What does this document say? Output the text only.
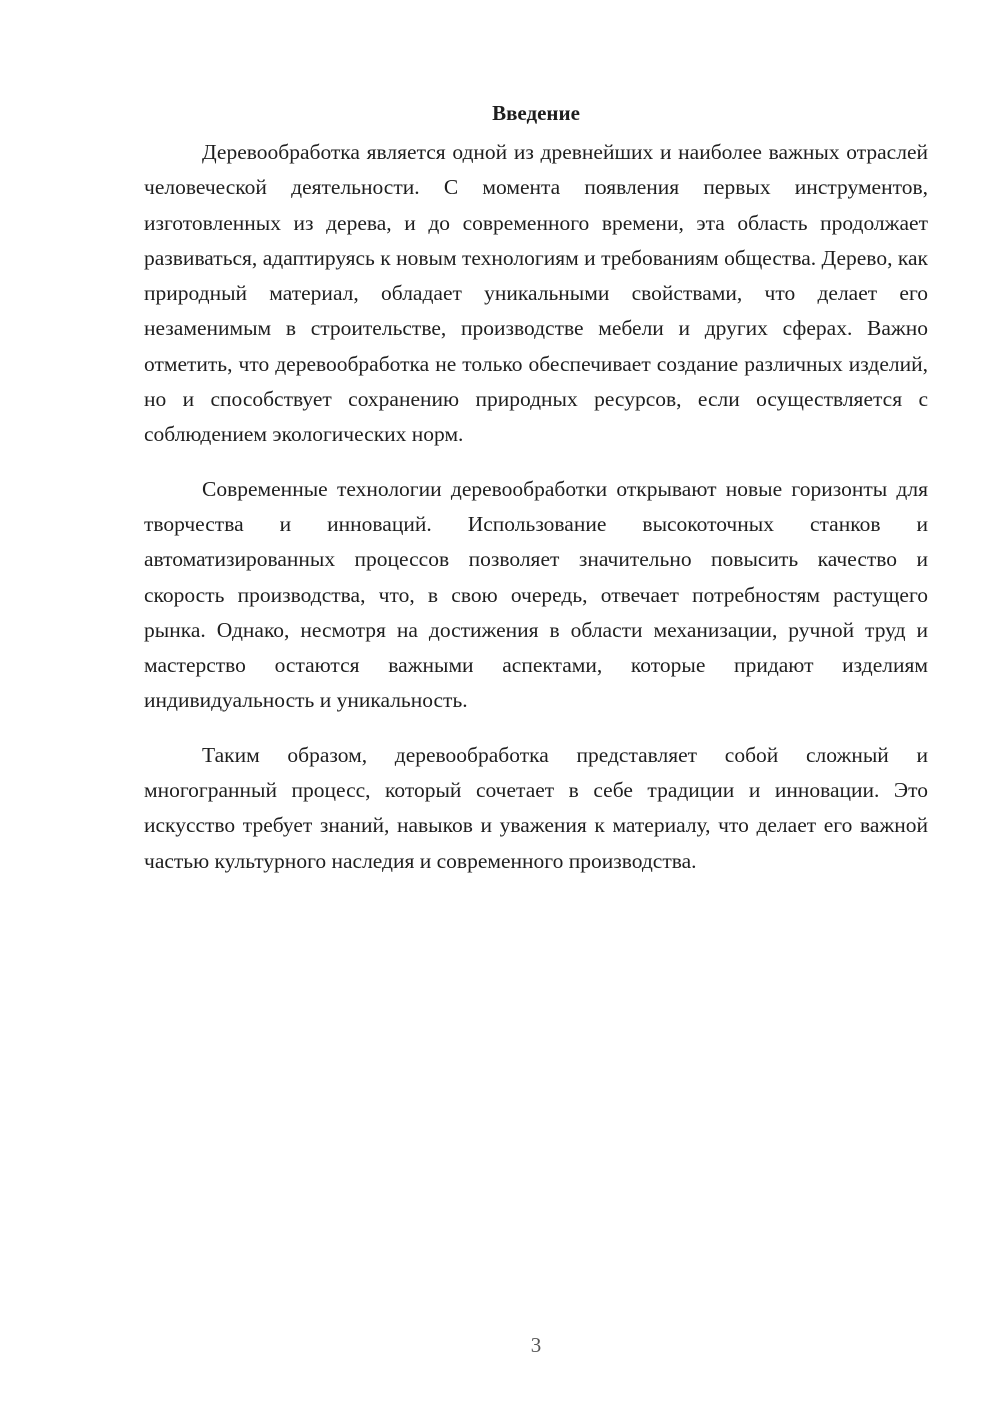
Введение

Деревообработка является одной из древнейших и наиболее важных отраслей человеческой деятельности. С момента появления первых инструментов, изготовленных из дерева, и до современного времени, эта область продолжает развиваться, адаптируясь к новым технологиям и требованиям общества. Дерево, как природный материал, обладает уникальными свойствами, что делает его незаменимым в строительстве, производстве мебели и других сферах. Важно отметить, что деревообработка не только обеспечивает создание различных изделий, но и способствует сохранению природных ресурсов, если осуществляется с соблюдением экологических норм.

Современные технологии деревообработки открывают новые горизонты для творчества и инноваций. Использование высокоточных станков и автоматизированных процессов позволяет значительно повысить качество и скорость производства, что, в свою очередь, отвечает потребностям растущего рынка. Однако, несмотря на достижения в области механизации, ручной труд и мастерство остаются важными аспектами, которые придают изделиям индивидуальность и уникальность.

Таким образом, деревообработка представляет собой сложный и многогранный процесс, который сочетает в себе традиции и инновации. Это искусство требует знаний, навыков и уважения к материалу, что делает его важной частью культурного наследия и современного производства.

3
